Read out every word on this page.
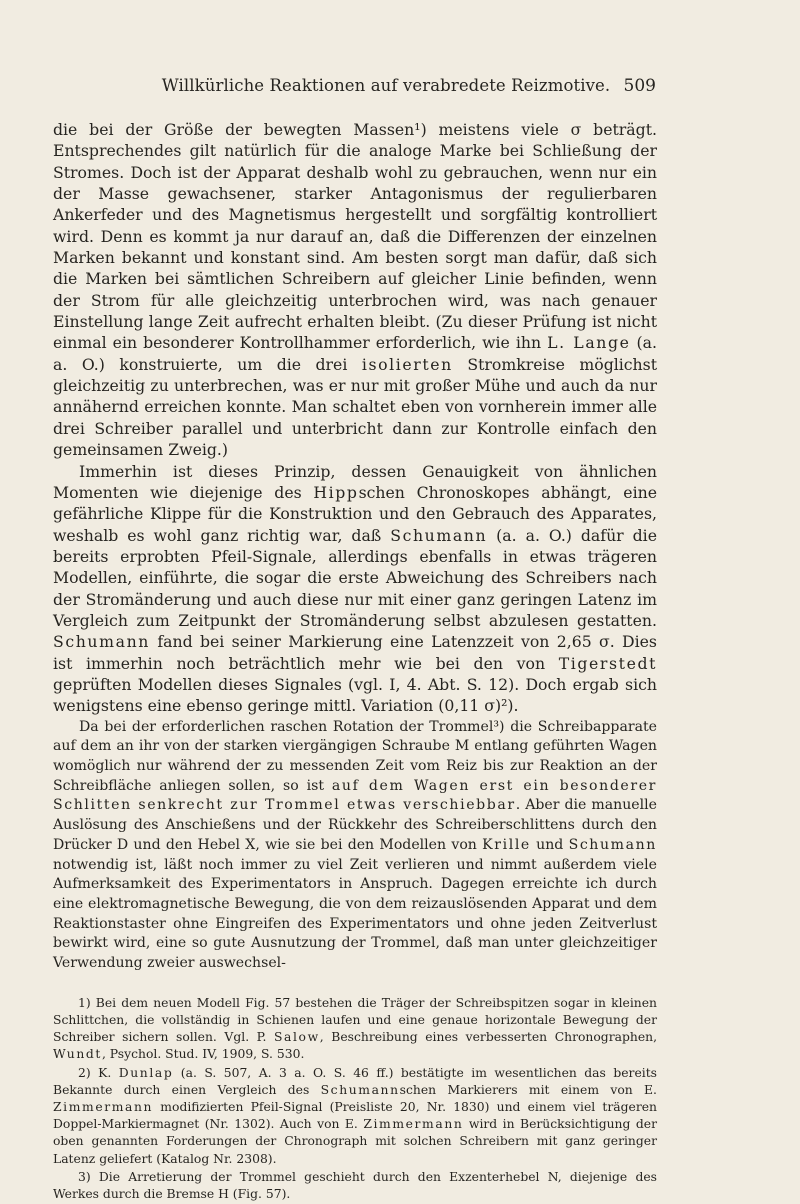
Willkürliche Reaktionen auf verabredete Reizmotive. 509

die bei der Größe der bewegten Massen¹) meistens viele σ beträgt. Entsprechendes gilt natürlich für die analoge Marke bei Schließung der Stromes. Doch ist der Apparat deshalb wohl zu gebrauchen, wenn nur ein der Masse gewachsener, starker Antagonismus der regulierbaren Ankerfeder und des Magnetismus hergestellt und sorgfältig kontrolliert wird. Denn es kommt ja nur darauf an, daß die Differenzen der einzelnen Marken bekannt und konstant sind. Am besten sorgt man dafür, daß sich die Marken bei sämtlichen Schreibern auf gleicher Linie befinden, wenn der Strom für alle gleichzeitig unterbrochen wird, was nach genauer Einstellung lange Zeit aufrecht erhalten bleibt. (Zu dieser Prüfung ist nicht einmal ein besonderer Kontrollhammer erforderlich, wie ihn L. Lange (a. a. O.) konstruierte, um die drei isolierten Stromkreise möglichst gleichzeitig zu unterbrechen, was er nur mit großer Mühe und auch da nur annähernd erreichen konnte. Man schaltet eben von vornherein immer alle drei Schreiber parallel und unterbricht dann zur Kontrolle einfach den gemeinsamen Zweig.)

Immerhin ist dieses Prinzip, dessen Genauigkeit von ähnlichen Momenten wie diejenige des Hippschen Chronoskopes abhängt, eine gefährliche Klippe für die Konstruktion und den Gebrauch des Apparates, weshalb es wohl ganz richtig war, daß Schumann (a. a. O.) dafür die bereits erprobten Pfeil-Signale, allerdings ebenfalls in etwas trägeren Modellen, einführte, die sogar die erste Abweichung des Schreibers nach der Stromänderung und auch diese nur mit einer ganz geringen Latenz im Vergleich zum Zeitpunkt der Stromänderung selbst abzulesen gestatten. Schumann fand bei seiner Markierung eine Latenzzeit von 2,65 σ. Dies ist immerhin noch beträchtlich mehr wie bei den von Tigerstedt geprüften Modellen dieses Signales (vgl. I, 4. Abt. S. 12). Doch ergab sich wenigstens eine ebenso geringe mittl. Variation (0,11 σ)²).

Da bei der erforderlichen raschen Rotation der Trommel³) die Schreibapparate auf dem an ihr von der starken viergängigen Schraube M entlang geführten Wagen womöglich nur während der zu messenden Zeit vom Reiz bis zur Reaktion an der Schreibfläche anliegen sollen, so ist auf dem Wagen erst ein besonderer Schlitten senkrecht zur Trommel etwas verschiebbar. Aber die manuelle Auslösung des Anschießens und der Rückkehr des Schreiberschlittens durch den Drücker D und den Hebel X, wie sie bei den Modellen von Krille und Schumann notwendig ist, läßt noch immer zu viel Zeit verlieren und nimmt außerdem viele Aufmerksamkeit des Experimentators in Anspruch. Dagegen erreichte ich durch eine elektromagnetische Bewegung, die von dem reizauslösenden Apparat und dem Reaktionstaster ohne Eingreifen des Experimentators und ohne jeden Zeitverlust bewirkt wird, eine so gute Ausnutzung der Trommel, daß man unter gleichzeitiger Verwendung zweier auswechsel-

1) Bei dem neuen Modell Fig. 57 bestehen die Träger der Schreibspitzen sogar in kleinen Schlittchen, die vollständig in Schienen laufen und eine genaue horizontale Bewegung der Schreiber sichern sollen. Vgl. P. Salow, Beschreibung eines verbesserten Chronographen, Wundt, Psychol. Stud. IV, 1909, S. 530.

2) K. Dunlap (a. S. 507, A. 3 a. O. S. 46 ff.) bestätigte im wesentlichen das bereits Bekannte durch einen Vergleich des Schumannschen Markierers mit einem von E. Zimmermann modifizierten Pfeil-Signal (Preisliste 20, Nr. 1830) und einem viel trägeren Doppel-Markiermagnet (Nr. 1302). Auch von E. Zimmermann wird in Berücksichtigung der oben genannten Forderungen der Chronograph mit solchen Schreibern mit ganz geringer Latenz geliefert (Katalog Nr. 2308).

3) Die Arretierung der Trommel geschieht durch den Exzenterhebel N, diejenige des Werkes durch die Bremse H (Fig. 57).
